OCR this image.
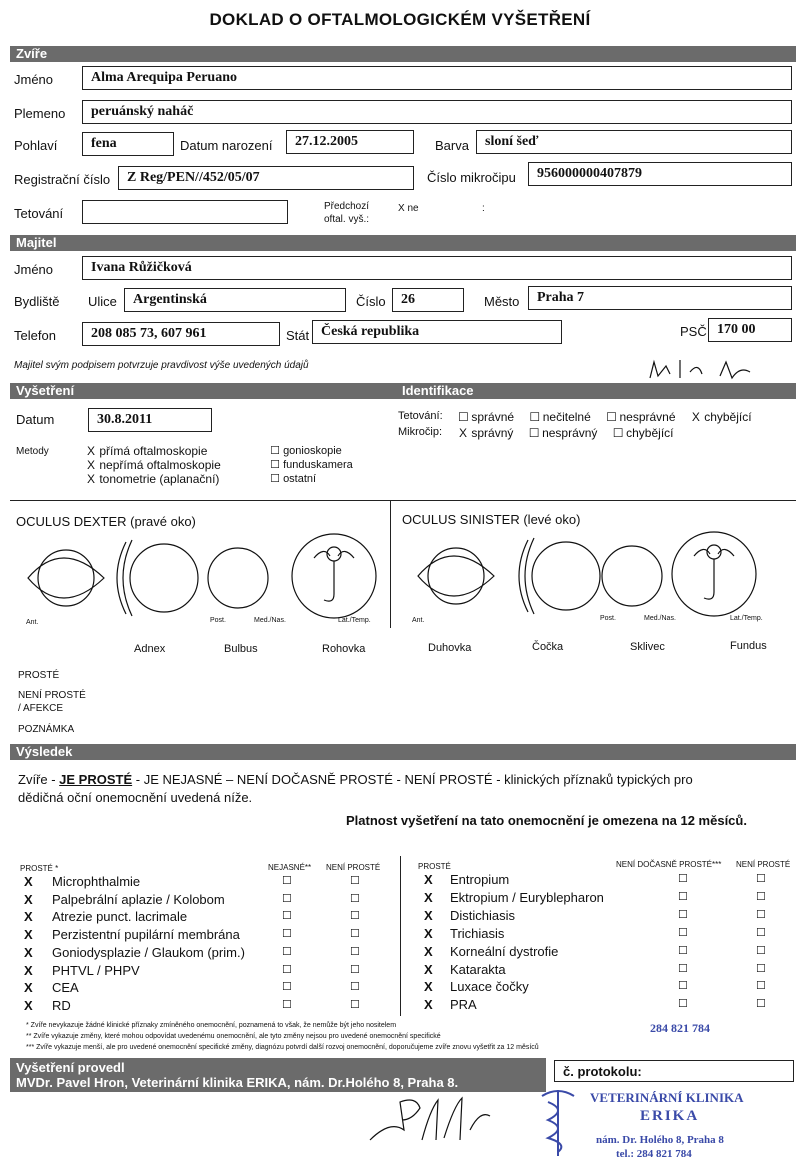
DOKLAD O OFTALMOLOGICKÉM VYŠETŘENÍ
Zvíře
Jméno	Alma Arequipa Peruano
Plemeno	peruánský naháč
Pohlaví	fena	Datum narození	27.12.2005	Barva	sloní šeď
Registrační číslo	Z Reg/PEN//452/05/07	Číslo mikročipu	956000000407879
Tetování	Předchozí
oftal. vyš.:
X ne	:
Majitel
Jméno	Ivana Růžičková
Bydliště Ulice	Argentinská	Číslo	26	Město	Praha 7
Telefon	208 085 73, 607 961	Stát Česká republika	PSČ 170 00
Majitel svým podpisem potvrzuje pravdivost výše uvedených údajů
Vyšetření	Identifikace
Datum	30.8.2011	Tetování: ☐ správné ☐ nečitelné ☐ nesprávné X chybějící
Mikročip: X správný ☐ nesprávný ☐ chybějící
Metody	X přímá oftalmoskopie
X nepřímá oftalmoskopie
X tonometrie (aplanační)
☐ gonioskopie
☐ funduskamera
☐ ostatní
OCULUS DEXTER (pravé oko)	OCULUS SINISTER (levé oko)
Ant.	Post.	Med./Nas.	Lat./Temp.	Ant.	Post.	Med./Nas.	Lat./Temp.
Adnex	Bulbus	Rohovka	Duhovka	Čočka	Sklivec	Fundus
PROSTÉ
NENÍ PROSTÉ
/ AFEKCE
POZNÁMKA
Výsledek
Zvíře - JE PROSTÉ - JE NEJASNÉ – NENÍ DOČASNĚ PROSTÉ - NENÍ PROSTÉ - klinických příznaků typických pro
dědičná oční onemocnění uvedená níže.
Platnost vyšetření na tato onemocnění je omezena na 12 měsíců.
PROSTÉ *	NEJASNÉ** NENÍ PROSTÉ	PROSTÉ	NENÍ DOČASNĚ PROSTÉ*** NENÍ PROSTÉ
X Microphthalmie	☐	☐
X Palpebrální aplazie / Kolobom	☐	☐
X Atrezie punct. lacrimale	☐	☐
X Perzistentní pupilární membrána	☐	☐
X Goniodysplazie / Glaukom (prim.)	☐	☐
X PHTVL / PHPV	☐	☐
X CEA	☐	☐
X RD	☐	☐
X Entropium	☐	☐
X Ektropium / Euryblepharon	☐	☐
X Distichiasis	☐	☐
X Trichiasis	☐	☐
X Korneální dystrofie	☐	☐
X Katarakta	☐	☐
X Luxace čočky	☐	☐
X PRA	☐	☐
* Zvíře nevykazuje žádné klinické příznaky zmíněného onemocnění, poznamená to však, že nemůže být jeho nositelem
** Zvíře vykazuje změny, které mohou odpovídat uvedenému onemocnění, ale tyto změny nejsou pro uvedené onemocnění specifické
*** Zvíře vykazuje menší, ale pro uvedené onemocnění specifické změny, diagnózu potvrdí další rozvoj onemocnění, doporučujeme zvíře znovu vyšetřit za 12 měsíců
284 821 784
Vyšetření provedl
MVDr. Pavel Hron, Veterinární klinika ERIKA, nám. Dr.Holého 8, Praha 8.
č. protokolu:
VETERINÁRNÍ KLINIKA
ERIKA
nám. Dr. Holého 8, Praha 8
tel.: 284 821 784
